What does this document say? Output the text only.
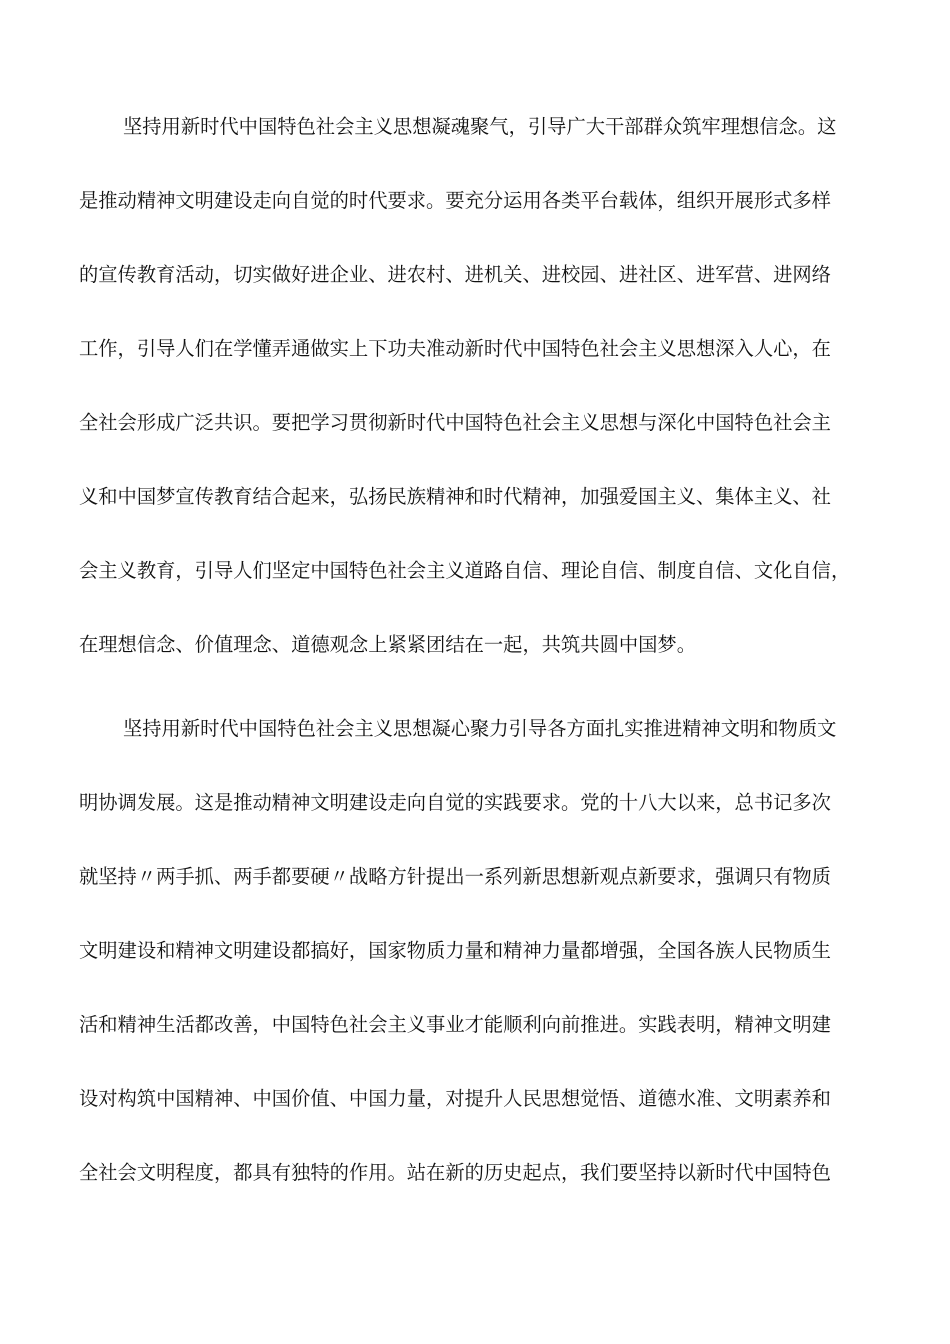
坚持用新时代中国特色社会主义思想凝魂聚气，引导广大干部群众筑牢理想信念。这
是推动精神文明建设走向自觉的时代要求。要充分运用各类平台载体，组织开展形式多样
的宣传教育活动，切实做好进企业、进农村、进机关、进校园、进社区、进军营、进网络
工作，引导人们在学懂弄通做实上下功夫准动新时代中国特色社会主义思想深入人心，在
全社会形成广泛共识。要把学习贯彻新时代中国特色社会主义思想与深化中国特色社会主
义和中国梦宣传教育结合起来，弘扬民族精神和时代精神，加强爱国主义、集体主义、社
会主义教育，引导人们坚定中国特色社会主义道路自信、理论自信、制度自信、文化自信，
在理想信念、价值理念、道德观念上紧紧团结在一起，共筑共圆中国梦。
坚持用新时代中国特色社会主义思想凝心聚力引导各方面扎实推进精神文明和物质文
明协调发展。这是推动精神文明建设走向自觉的实践要求。党的十八大以来，总书记多次
就坚持〃两手抓、两手都要硬〃战略方针提出一系列新思想新观点新要求，强调只有物质
文明建设和精神文明建设都搞好，国家物质力量和精神力量都增强，全国各族人民物质生
活和精神生活都改善，中国特色社会主义事业才能顺利向前推进。实践表明，精神文明建
设对构筑中国精神、中国价值、中国力量，对提升人民思想觉悟、道德水准、文明素养和
全社会文明程度，都具有独特的作用。站在新的历史起点，我们要坚持以新时代中国特色
